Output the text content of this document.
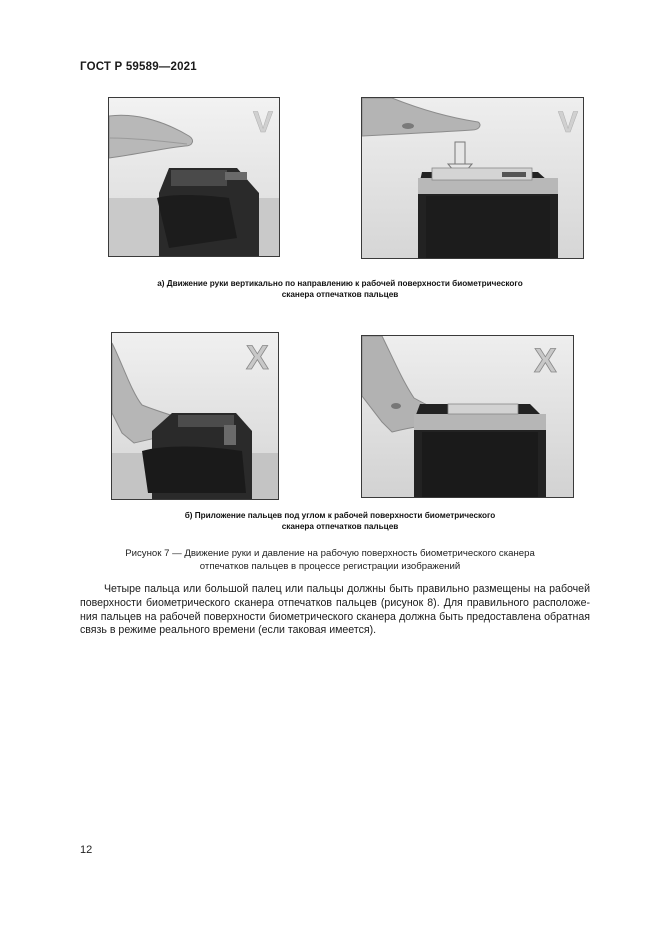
ГОСТ Р 59589—2021
V	V
а) Движение руки вертикально по направлению к рабочей поверхности биометрического
сканера отпечатков пальцев
X	X
б) Приложение пальцев под углом к рабочей поверхности биометрического
сканера отпечатков пальцев
Рисунок 7 — Движение руки и давление на рабочую поверхность биометрического сканера
отпечатков пальцев в процессе регистрации изображений
Четыре пальца или большой палец или пальцы должны быть правильно размещены на рабочей поверхности биометрического сканера отпечатков пальцев (рисунок 8). Для правильного расположения пальцев на рабочей поверхности биометрического сканера должна быть предоставлена обратная связь в режиме реального времени (если таковая имеется).
12
